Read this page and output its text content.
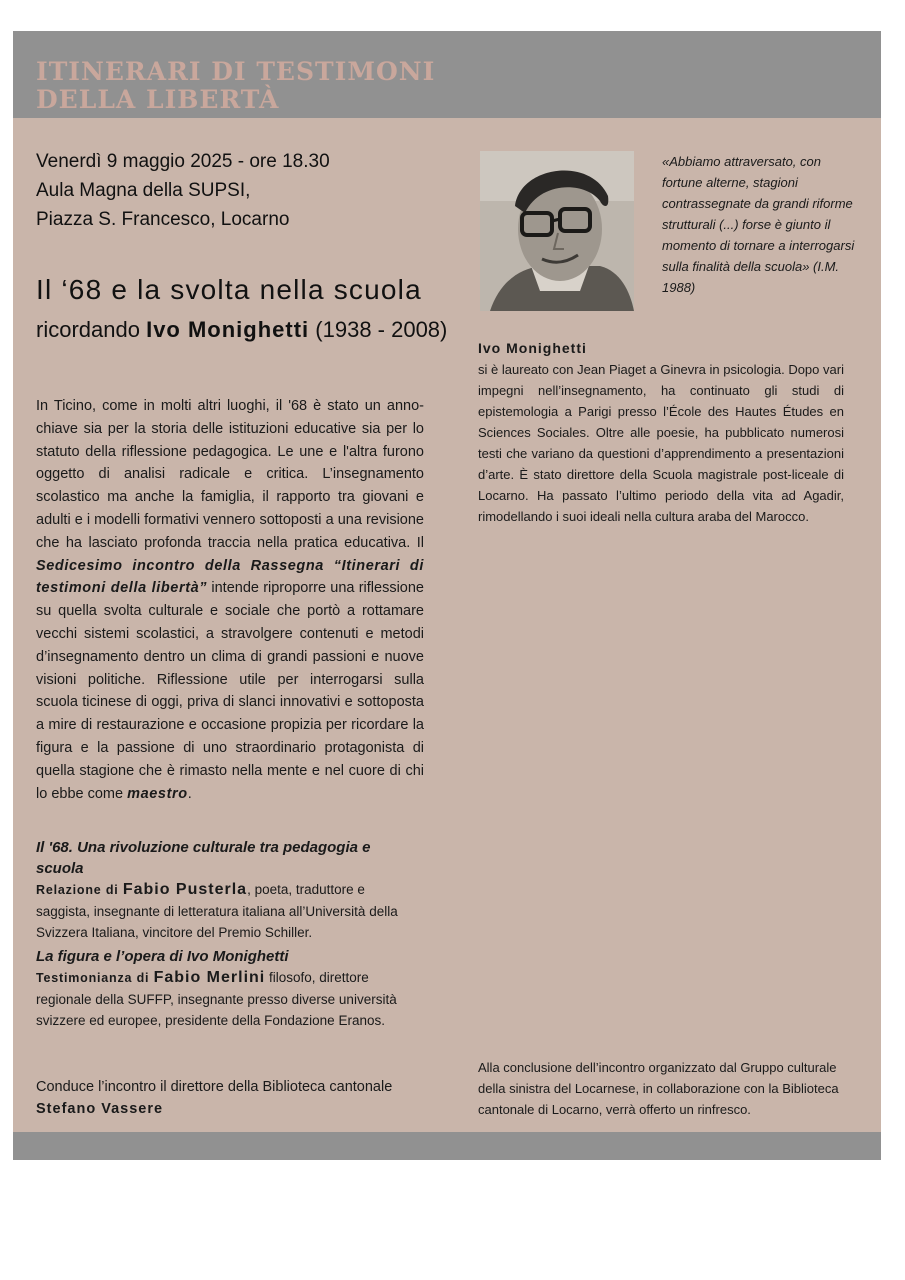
ITINERARI DI TESTIMONI
DELLA LIBERTÀ
Venerdì 9 maggio 2025 - ore 18.30
Aula Magna della SUPSI,
Piazza S. Francesco, Locarno
Il ‘68 e la svolta nella scuola
ricordando Ivo Monighetti (1938 - 2008)

In Ticino, come in molti altri luoghi, il '68 è stato un anno-chiave sia per la storia delle istituzioni educative sia per lo statuto della riflessione pedagogica. Le une e l'altra furono oggetto di analisi radicale e critica. L’insegnamento scolastico ma anche la famiglia, il rapporto tra giovani e adulti e i modelli formativi vennero sottoposti a una revisione che ha lasciato profonda traccia nella pratica educativa. Il Sedicesimo incontro della Rassegna “Itinerari di testimoni della libertà” intende riproporre una riflessione su quella svolta culturale e sociale che portò a rottamare vecchi sistemi scolastici, a stravolgere contenuti e metodi d’insegnamento dentro un clima di grandi passioni e nuove visioni politiche. Riflessione utile per interrogarsi sulla scuola ticinese di oggi, priva di slanci innovativi e sottoposta a mire di restaurazione e occasione propizia per ricordare la figura e la passione di uno straordinario protagonista di quella stagione che è rimasto nella mente e nel cuore di chi lo ebbe come maestro.

Il '68. Una rivoluzione culturale tra pedagogia e scuola
Relazione di Fabio Pusterla, poeta, traduttore e saggista, insegnante di letteratura italiana all’Università della Svizzera Italiana, vincitore del Premio Schiller.
La figura e l’opera di Ivo Monighetti
Testimonianza di Fabio Merlini filosofo, direttore regionale della SUFFP, insegnante presso diverse università svizzere ed europee, presidente della Fondazione Eranos.
Conduce l’incontro il direttore della Biblioteca cantonale
Stefano Vassere

«Abbiamo attraversato, con fortune alterne, stagioni contrassegnate da grandi riforme strutturali (...) forse è giunto il momento di tornare a interrogarsi sulla finalità della scuola» (I.M. 1988)

Ivo Monighetti
si è laureato con Jean Piaget a Ginevra in psicologia. Dopo vari impegni nell’insegnamento, ha continuato gli studi di epistemologia a Parigi presso l’École des Hautes Études en Sciences Sociales. Oltre alle poesie, ha pubblicato numerosi testi che variano da questioni d’apprendimento a presentazioni d’arte. È stato direttore della Scuola magistrale post-liceale di Locarno. Ha passato l’ultimo periodo della vita ad Agadir, rimodellando i suoi ideali nella cultura araba del Marocco.
Alla conclusione dell’incontro organizzato dal Gruppo culturale della sinistra del Locarnese, in collaborazione con la Biblioteca cantonale di Locarno, verrà offerto un rinfresco.
